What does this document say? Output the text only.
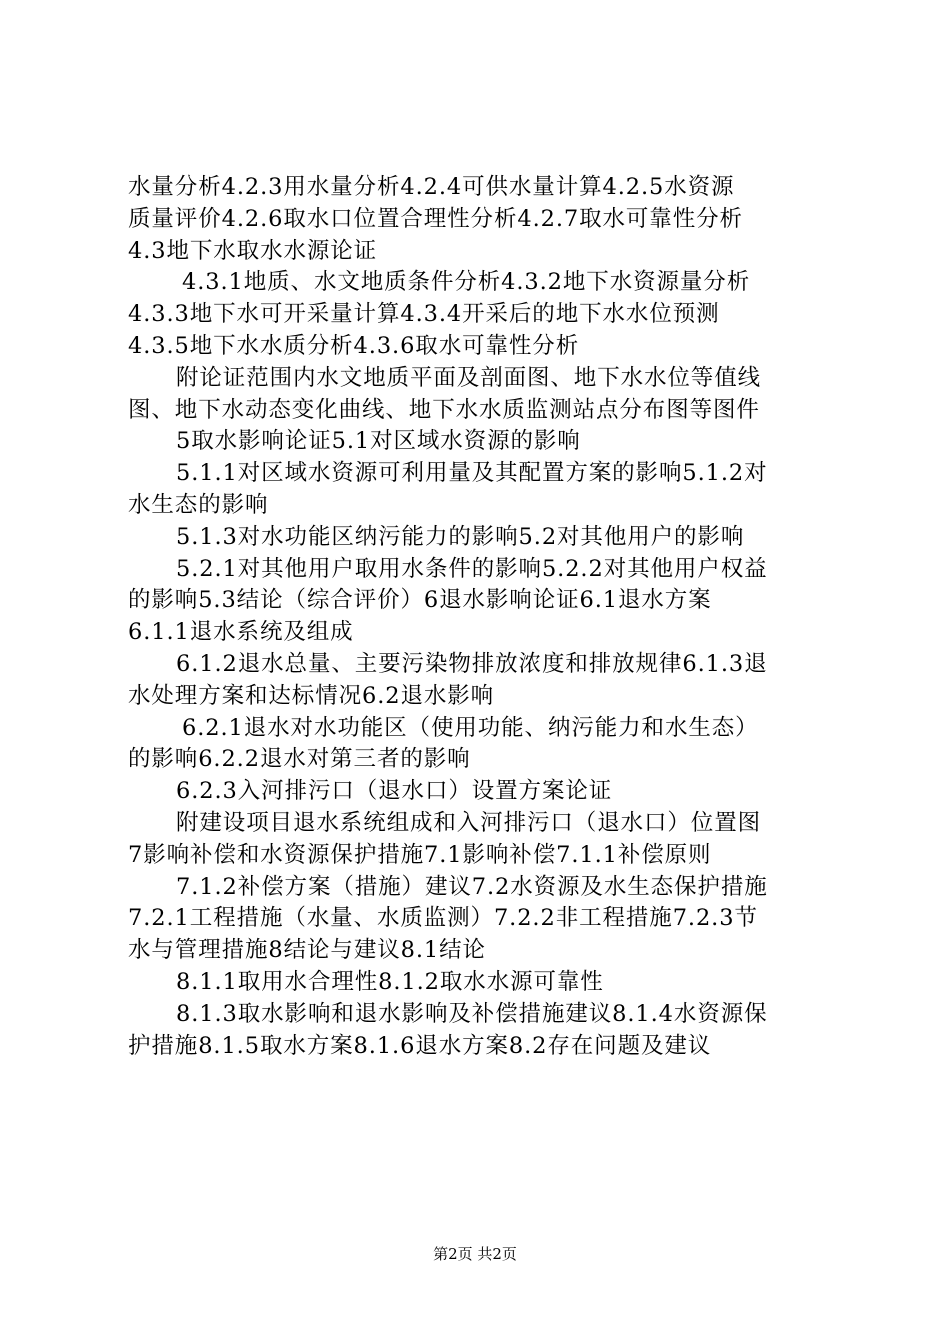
水量分析4.2.3用水量分析4.2.4可供水量计算4.2.5水资源
质量评价4.2.6取水口位置合理性分析4.2.7取水可靠性分析
4.3地下水取水水源论证
4.3.1地质、水文地质条件分析4.3.2地下水资源量分析
4.3.3地下水可开采量计算4.3.4开采后的地下水水位预测
4.3.5地下水水质分析4.3.6取水可靠性分析
附论证范围内水文地质平面及剖面图、地下水水位等值线
图、地下水动态变化曲线、地下水水质监测站点分布图等图件
5取水影响论证5.1对区域水资源的影响
5.1.1对区域水资源可利用量及其配置方案的影响5.1.2对
水生态的影响
5.1.3对水功能区纳污能力的影响5.2对其他用户的影响
5.2.1对其他用户取用水条件的影响5.2.2对其他用户权益
的影响5.3结论（综合评价）6退水影响论证6.1退水方案
6.1.1退水系统及组成
6.1.2退水总量、主要污染物排放浓度和排放规律6.1.3退
水处理方案和达标情况6.2退水影响
6.2.1退水对水功能区（使用功能、纳污能力和水生态）
的影响6.2.2退水对第三者的影响
6.2.3入河排污口（退水口）设置方案论证
附建设项目退水系统组成和入河排污口（退水口）位置图
7影响补偿和水资源保护措施7.1影响补偿7.1.1补偿原则
7.1.2补偿方案（措施）建议7.2水资源及水生态保护措施
7.2.1工程措施（水量、水质监测）7.2.2非工程措施7.2.3节
水与管理措施8结论与建议8.1结论
8.1.1取用水合理性8.1.2取水水源可靠性
8.1.3取水影响和退水影响及补偿措施建议8.1.4水资源保
护措施8.1.5取水方案8.1.6退水方案8.2存在问题及建议
第2页 共2页
